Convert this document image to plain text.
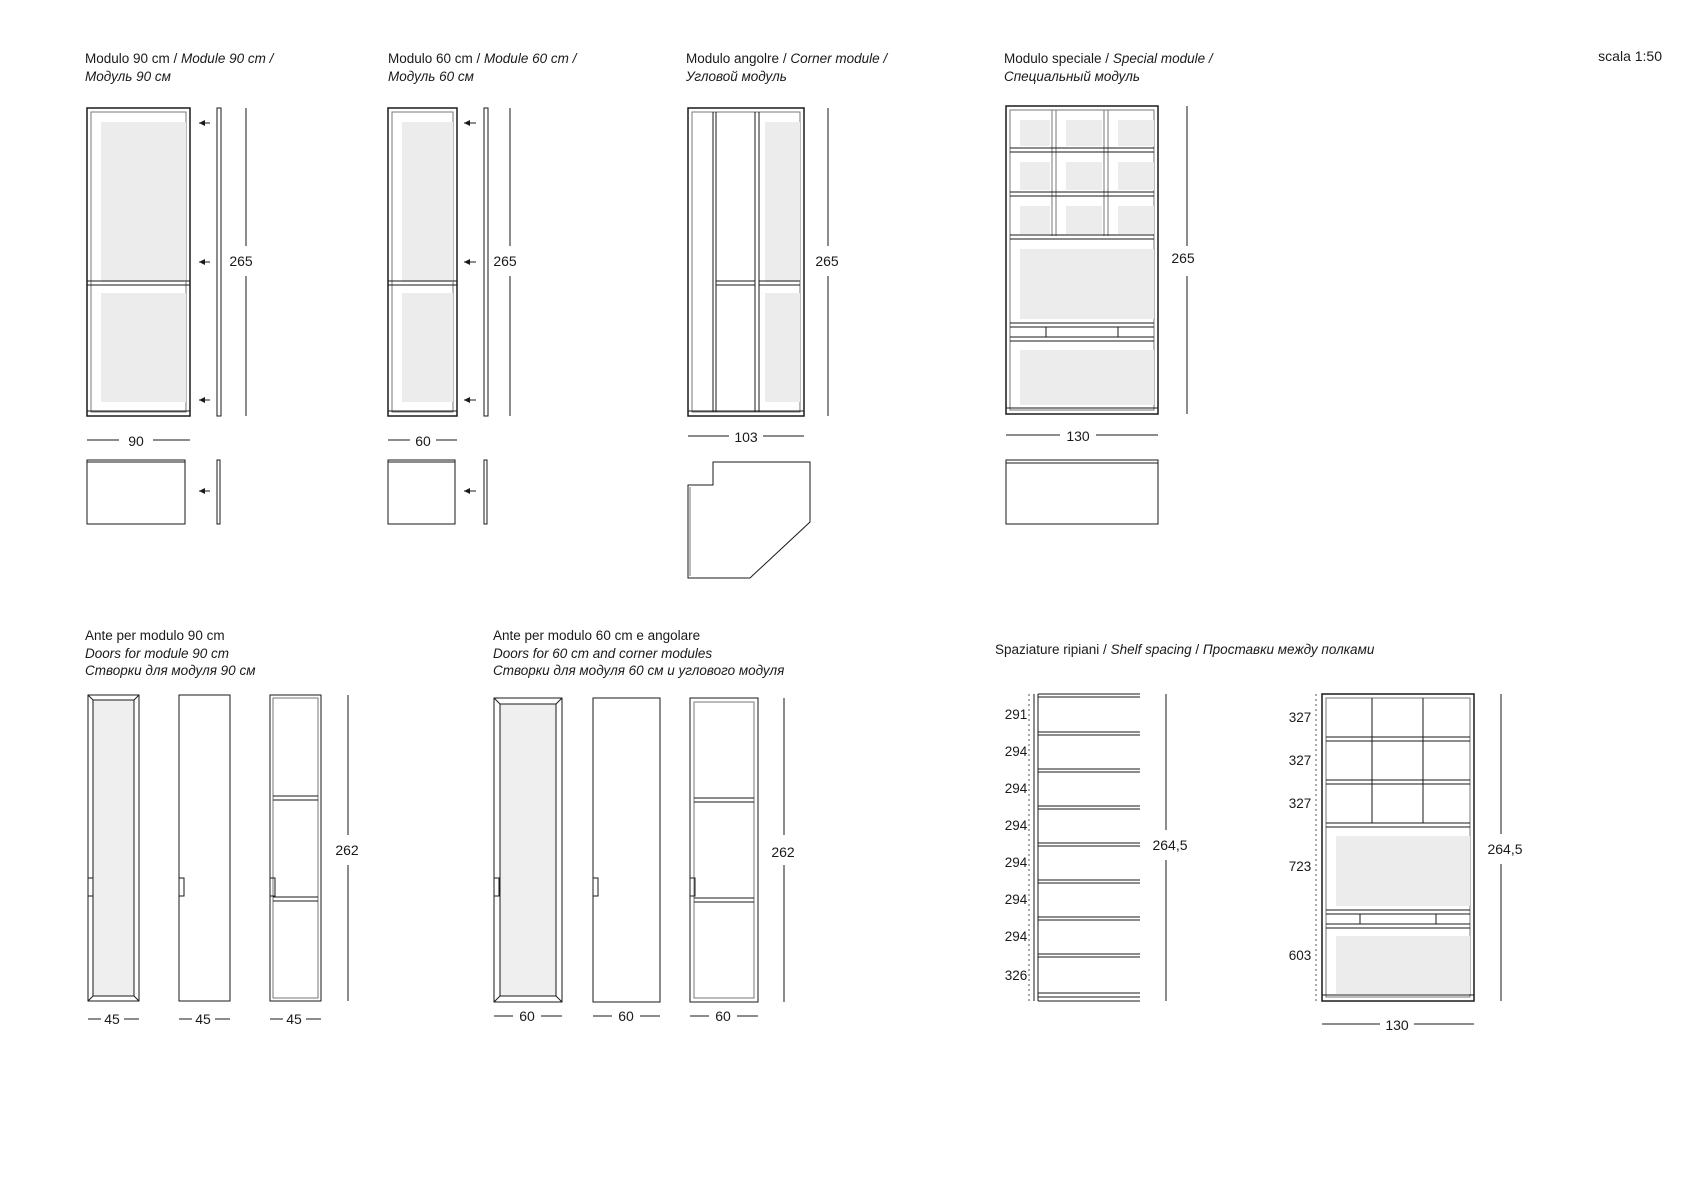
Modulo 90 cm / Module 90 cm /
Модуль 90 см
Modulo 60 cm / Module 60 cm /
Модуль 60 см
Modulo angolre / Corner module /
Угловой модуль
Modulo speciale / Special module /
Специальный модуль
scala 1:50
Ante per modulo 90 cm
Doors for module 90 cm
Створки для модуля 90 см
Ante per modulo 60 cm e angolare
Doors for 60 cm and corner modules
Створки для модуля 60 см и углового модуля
Spaziature ripiani / Shelf spacing / Проставки между полками
90
265
60
265
103
265
130
265
45	45	45
262
60	60	60
262
291
294
294
294
294
294
294
326
264,5
327
327
327
723
603
264,5
130
